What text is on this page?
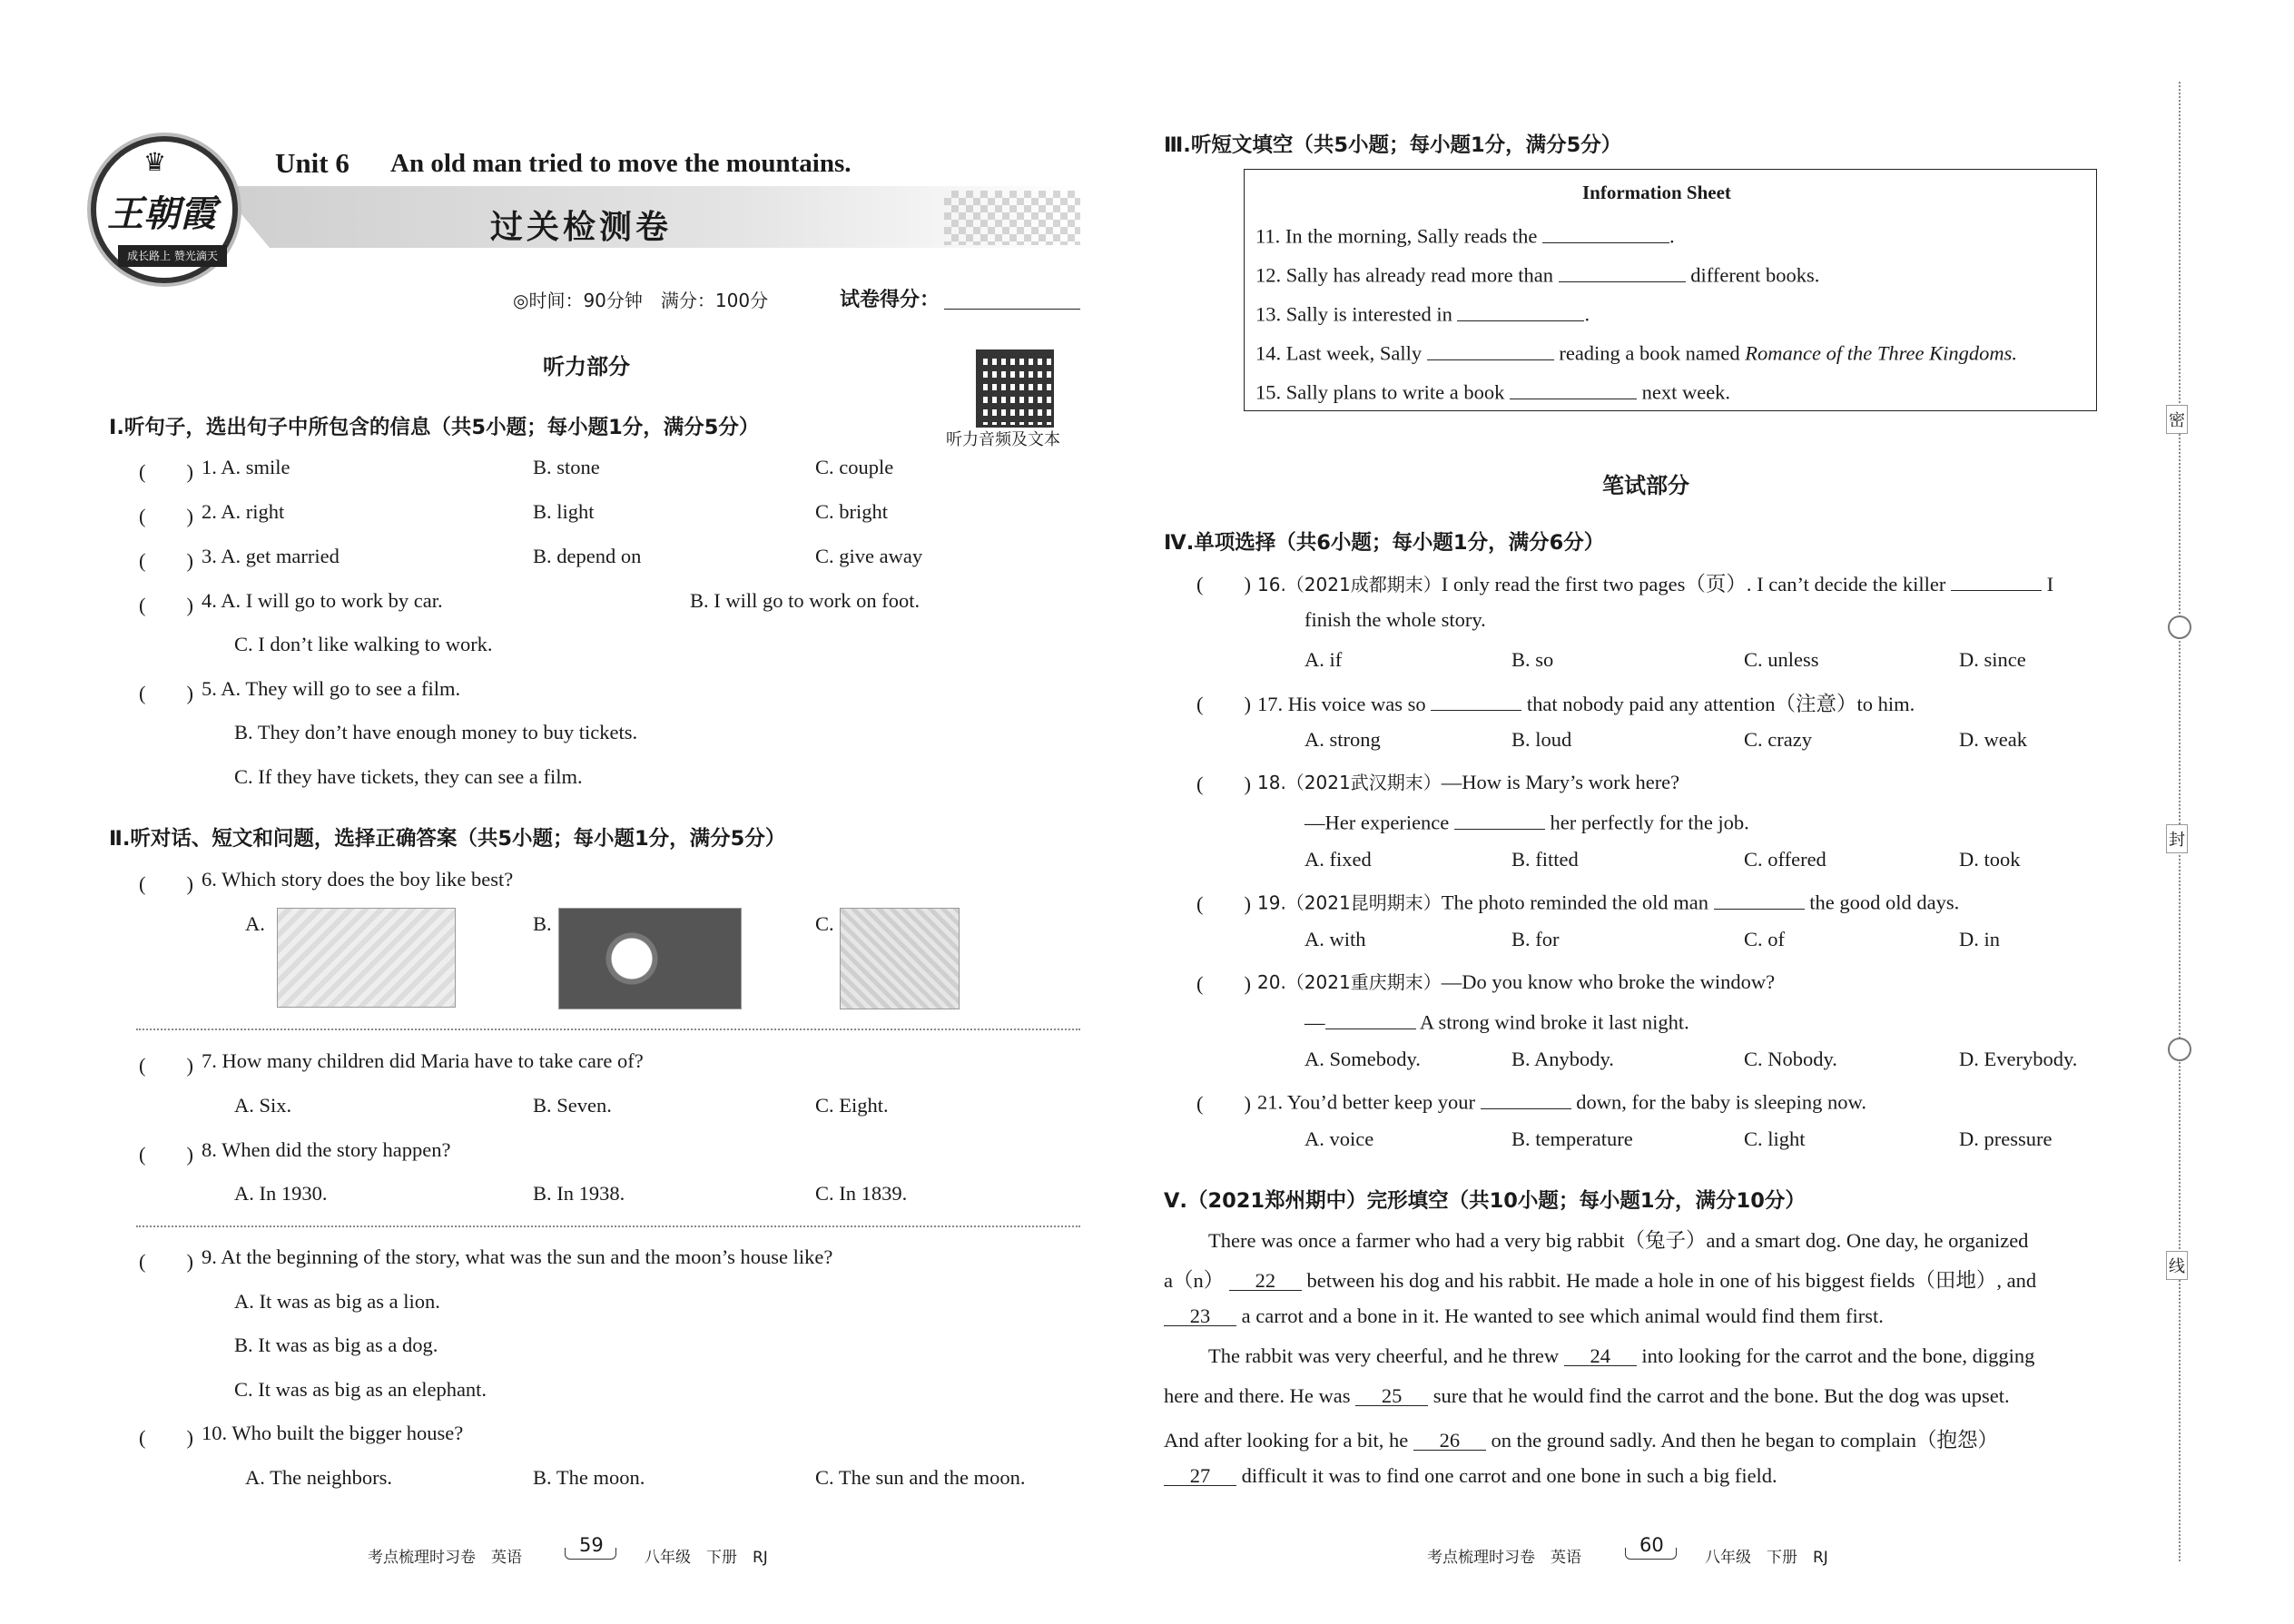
♛
王朝霞
成长路上 赞光滴天
Unit 6 An old man tried to move the mountains.
过关检测卷
◎时间：90分钟　满分：100分	试卷得分：
听力音频及文本
听力部分
Ⅰ.听句子，选出句子中所包含的信息（共5小题；每小题1分，满分5分）
(　　) 1. A. smile	B. stone	C. couple
(　　) 2. A. right	B. light	C. bright
(　　) 3. A. get married	B. depend on	C. give away
(　　) 4. A. I will go to work by car.	B. I will go to work on foot.
C. I don’t like walking to work.
(　　) 5. A. They will go to see a film.
B. They don’t have enough money to buy tickets.
C. If they have tickets, they can see a film.
Ⅱ.听对话、短文和问题，选择正确答案（共5小题；每小题1分，满分5分）
(　　) 6. Which story does the boy like best?
A.	B.	C.
(　　) 7. How many children did Maria have to take care of?
A. Six.	B. Seven.	C. Eight.
(　　) 8. When did the story happen?
A. In 1930.	B. In 1938.	C. In 1839.
(　　) 9. At the beginning of the story, what was the sun and the moon’s house like?
A. It was as big as a lion.
B. It was as big as a dog.
C. It was as big as an elephant.
(　　) 10. Who built the bigger house?
A. The neighbors.	B. The moon.	C. The sun and the moon.
考点梳理时习卷　英语
59
八年级　下册　RJ
Ⅲ.听短文填空（共5小题；每小题1分，满分5分）
Information Sheet
11. In the morning, Sally reads the	.
12. Sally has already read more than	different books.
13. Sally is interested in	.
14. Last week, Sally	reading a book named Romance of the Three Kingdoms.
15. Sally plans to write a book	next week.
笔试部分
Ⅳ.单项选择（共6小题；每小题1分，满分6分）
(　　) 16.（2021成都期末）I only read the first two pages（页）. I can’t decide the killer	I
finish the whole story.
A. if	B. so	C. unless	D. since
(　　) 17. His voice was so	that nobody paid any attention（注意）to him.
A. strong	B. loud	C. crazy	D. weak
(　　) 18.（2021武汉期末）—How is Mary’s work here?
—Her experience	her perfectly for the job.
A. fixed	B. fitted	C. offered	D. took
(　　) 19.（2021昆明期末）The photo reminded the old man	the good old days.
A. with	B. for	C. of	D. in
(　　) 20.（2021重庆期末）—Do you know who broke the window?
—	A strong wind broke it last night.
A. Somebody.	B. Anybody.	C. Nobody.	D. Everybody.
(　　) 21. You’d better keep your	down, for the baby is sleeping now.
A. voice	B. temperature	C. light	D. pressure
Ⅴ.（2021郑州期中）完形填空（共10小题；每小题1分，满分10分）
There was once a farmer who had a very big rabbit（兔子）and a smart dog. One day, he organized
a（n） 22 between his dog and his rabbit. He made a hole in one of his biggest fields（田地）, and
23 a carrot and a bone in it. He wanted to see which animal would find them first.
The rabbit was very cheerful, and he threw 24 into looking for the carrot and the bone, digging
here and there. He was 25 sure that he would find the carrot and the bone. But the dog was upset.
And after looking for a bit, he 26 on the ground sadly. And then he began to complain（抱怨）
27 difficult it was to find one carrot and one bone in such a big field.
考点梳理时习卷　英语
60
八年级　下册　RJ
密
封
线
